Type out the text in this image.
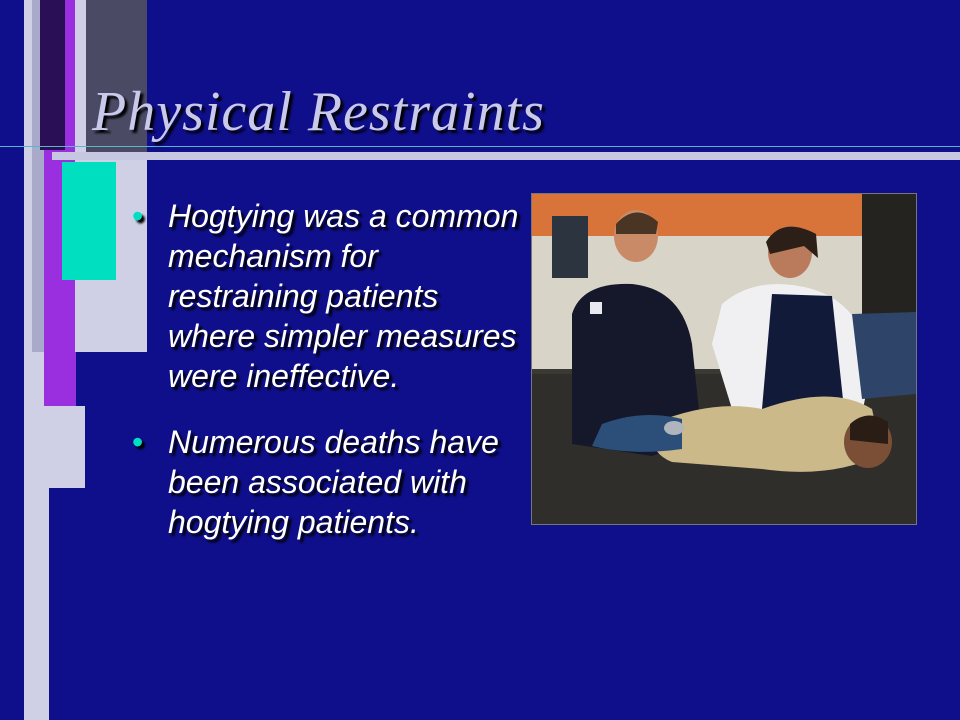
Physical Restraints
• Hogtying was a common mechanism for restraining patients where simpler measures were ineffective.
• Numerous deaths have been associated with hogtying patients.
